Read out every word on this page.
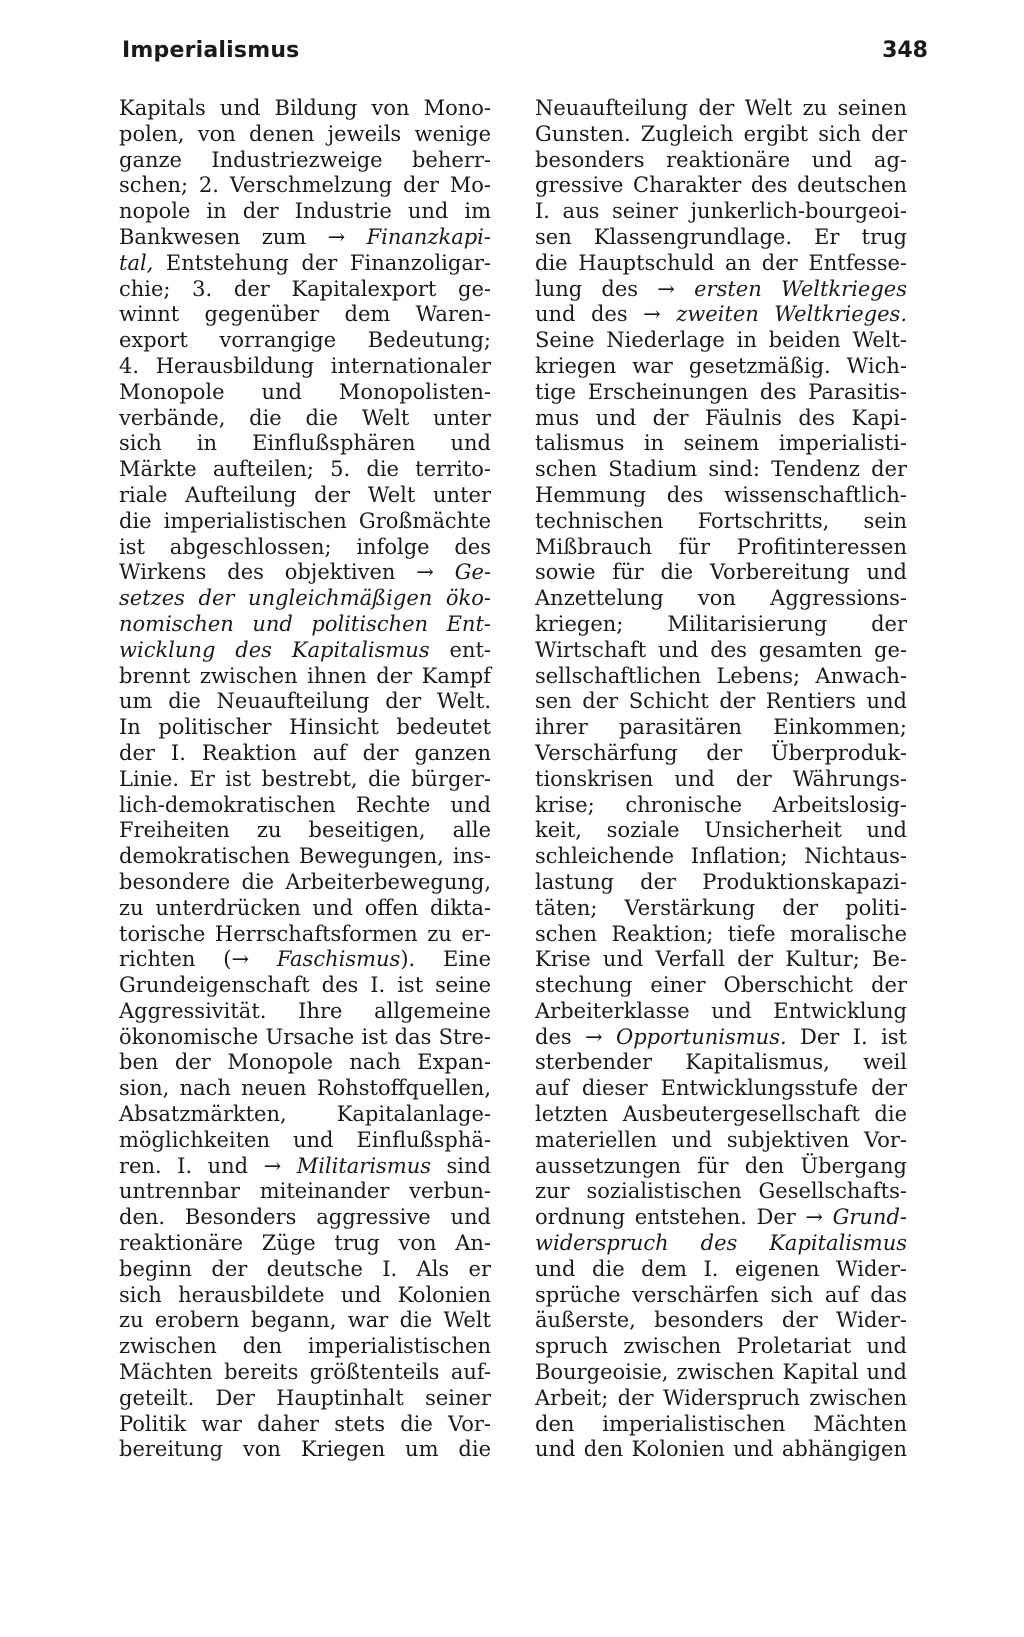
Imperialismus	348
Kapitals und Bildung von Mono-
polen, von denen jeweils wenige
ganze Industriezweige beherr-
schen; 2. Verschmelzung der Mo-
nopole in der Industrie und im
Bankwesen zum → Finanzkapi-
tal, Entstehung der Finanzoligar-
chie; 3. der Kapitalexport ge-
winnt gegenüber dem Waren-
export vorrangige Bedeutung;
4. Herausbildung internationaler
Monopole und Monopolisten-
verbände, die die Welt unter
sich in Einflußsphären und
Märkte aufteilen; 5. die territo-
riale Aufteilung der Welt unter
die imperialistischen Großmächte
ist abgeschlossen; infolge des
Wirkens des objektiven → Ge-
setzes der ungleichmäßigen öko-
nomischen und politischen Ent-
wicklung des Kapitalismus ent-
brennt zwischen ihnen der Kampf
um die Neuaufteilung der Welt.
In politischer Hinsicht bedeutet
der I. Reaktion auf der ganzen
Linie. Er ist bestrebt, die bürger-
lich-demokratischen Rechte und
Freiheiten zu beseitigen, alle
demokratischen Bewegungen, ins-
besondere die Arbeiterbewegung,
zu unterdrücken und offen dikta-
torische Herrschaftsformen zu er-
richten (→ Faschismus). Eine
Grundeigenschaft des I. ist seine
Aggressivität. Ihre allgemeine
ökonomische Ursache ist das Stre-
ben der Monopole nach Expan-
sion, nach neuen Rohstoffquellen,
Absatzmärkten, Kapitalanlage-
möglichkeiten und Einflußsphä-
ren. I. und → Militarismus sind
untrennbar miteinander verbun-
den. Besonders aggressive und
reaktionäre Züge trug von An-
beginn der deutsche I. Als er
sich herausbildete und Kolonien
zu erobern begann, war die Welt
zwischen den imperialistischen
Mächten bereits größtenteils auf-
geteilt. Der Hauptinhalt seiner
Politik war daher stets die Vor-
bereitung von Kriegen um die
Neuaufteilung der Welt zu seinen
Gunsten. Zugleich ergibt sich der
besonders reaktionäre und ag-
gressive Charakter des deutschen
I. aus seiner junkerlich-bourgeoi-
sen Klassengrundlage. Er trug
die Hauptschuld an der Entfesse-
lung des → ersten Weltkrieges
und des → zweiten Weltkrieges.
Seine Niederlage in beiden Welt-
kriegen war gesetzmäßig. Wich-
tige Erscheinungen des Parasitis-
mus und der Fäulnis des Kapi-
talismus in seinem imperialisti-
schen Stadium sind: Tendenz der
Hemmung des wissenschaftlich-
technischen Fortschritts, sein
Mißbrauch für Profitinteressen
sowie für die Vorbereitung und
Anzettelung von Aggressions-
kriegen; Militarisierung der
Wirtschaft und des gesamten ge-
sellschaftlichen Lebens; Anwach-
sen der Schicht der Rentiers und
ihrer parasitären Einkommen;
Verschärfung der Überproduk-
tionskrisen und der Währungs-
krise; chronische Arbeitslosig-
keit, soziale Unsicherheit und
schleichende Inflation; Nichtaus-
lastung der Produktionskapazi-
täten; Verstärkung der politi-
schen Reaktion; tiefe moralische
Krise und Verfall der Kultur; Be-
stechung einer Oberschicht der
Arbeiterklasse und Entwicklung
des → Opportunismus. Der I. ist
sterbender Kapitalismus, weil
auf dieser Entwicklungsstufe der
letzten Ausbeutergesellschaft die
materiellen und subjektiven Vor-
aussetzungen für den Übergang
zur sozialistischen Gesellschafts-
ordnung entstehen. Der → Grund-
widerspruch des Kapitalismus
und die dem I. eigenen Wider-
sprüche verschärfen sich auf das
äußerste, besonders der Wider-
spruch zwischen Proletariat und
Bourgeoisie, zwischen Kapital und
Arbeit; der Widerspruch zwischen
den imperialistischen Mächten
und den Kolonien und abhängigen
